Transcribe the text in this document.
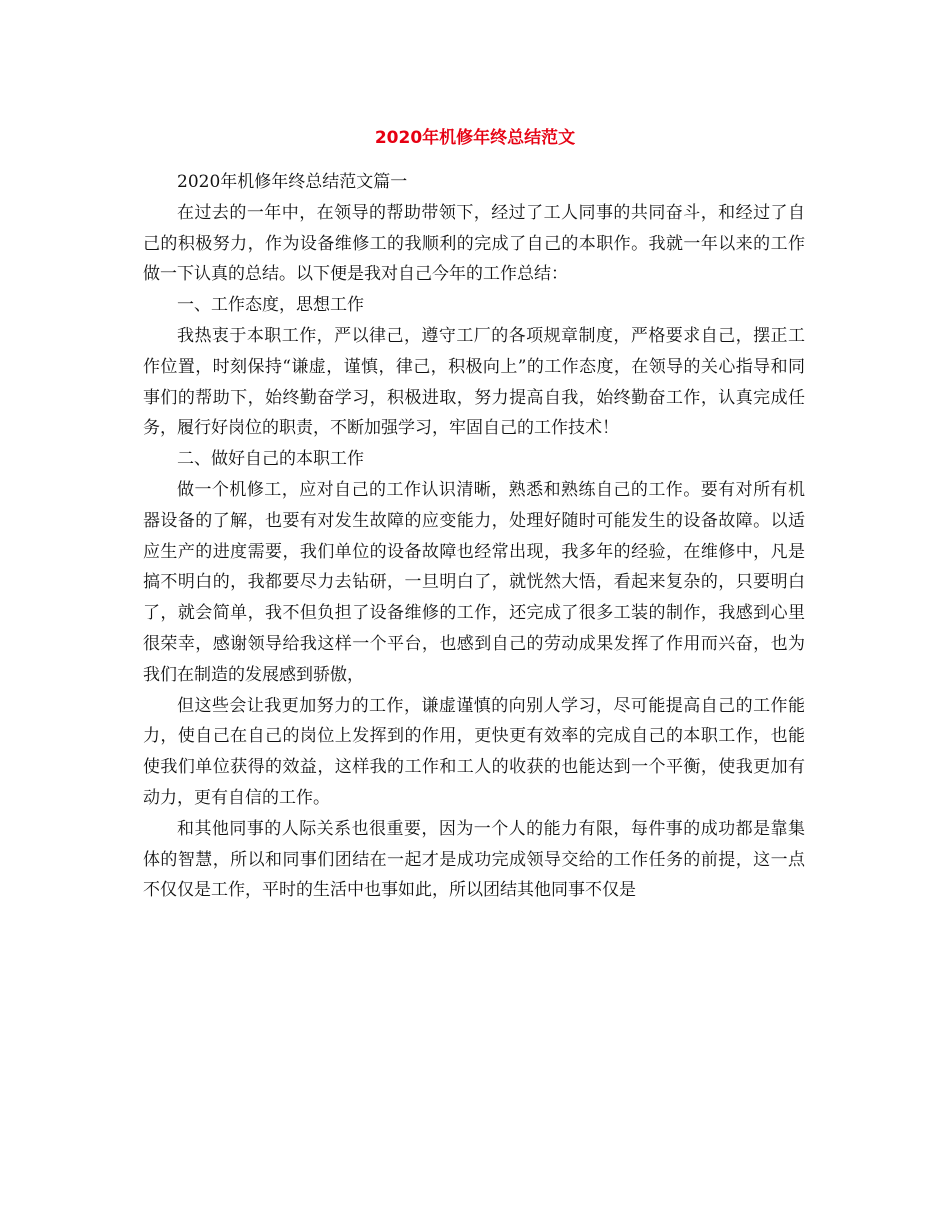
2020年机修年终总结范文

2020年机修年终总结范文篇一

在过去的一年中，在领导的帮助带领下，经过了工人同事的共同奋斗，和经过了自己的积极努力，作为设备维修工的我顺利的完成了自己的本职作。我就一年以来的工作做一下认真的总结。以下便是我对自己今年的工作总结：

一、工作态度，思想工作

我热衷于本职工作，严以律己，遵守工厂的各项规章制度，严格要求自己，摆正工作位置，时刻保持“谦虚，谨慎，律己，积极向上”的工作态度，在领导的关心指导和同事们的帮助下，始终勤奋学习，积极进取，努力提高自我，始终勤奋工作，认真完成任务，履行好岗位的职责，不断加强学习，牢固自己的工作技术！

二、做好自己的本职工作

做一个机修工，应对自己的工作认识清晰，熟悉和熟练自己的工作。要有对所有机器设备的了解，也要有对发生故障的应变能力，处理好随时可能发生的设备故障。以适应生产的进度需要，我们单位的设备故障也经常出现，我多年的经验，在维修中，凡是搞不明白的，我都要尽力去钻研，一旦明白了，就恍然大悟，看起来复杂的，只要明白了，就会简单，我不但负担了设备维修的工作，还完成了很多工装的制作，我感到心里很荣幸，感谢领导给我这样一个平台，也感到自己的劳动成果发挥了作用而兴奋，也为我们在制造的发展感到骄傲，

但这些会让我更加努力的工作，谦虚谨慎的向别人学习，尽可能提高自己的工作能力，使自己在自己的岗位上发挥到的作用，更快更有效率的完成自己的本职工作，也能使我们单位获得的效益，这样我的工作和工人的收获的也能达到一个平衡，使我更加有动力，更有自信的工作。

和其他同事的人际关系也很重要，因为一个人的能力有限，每件事的成功都是靠集体的智慧，所以和同事们团结在一起才是成功完成领导交给的工作任务的前提，这一点不仅仅是工作，平时的生活中也事如此，所以团结其他同事不仅是
